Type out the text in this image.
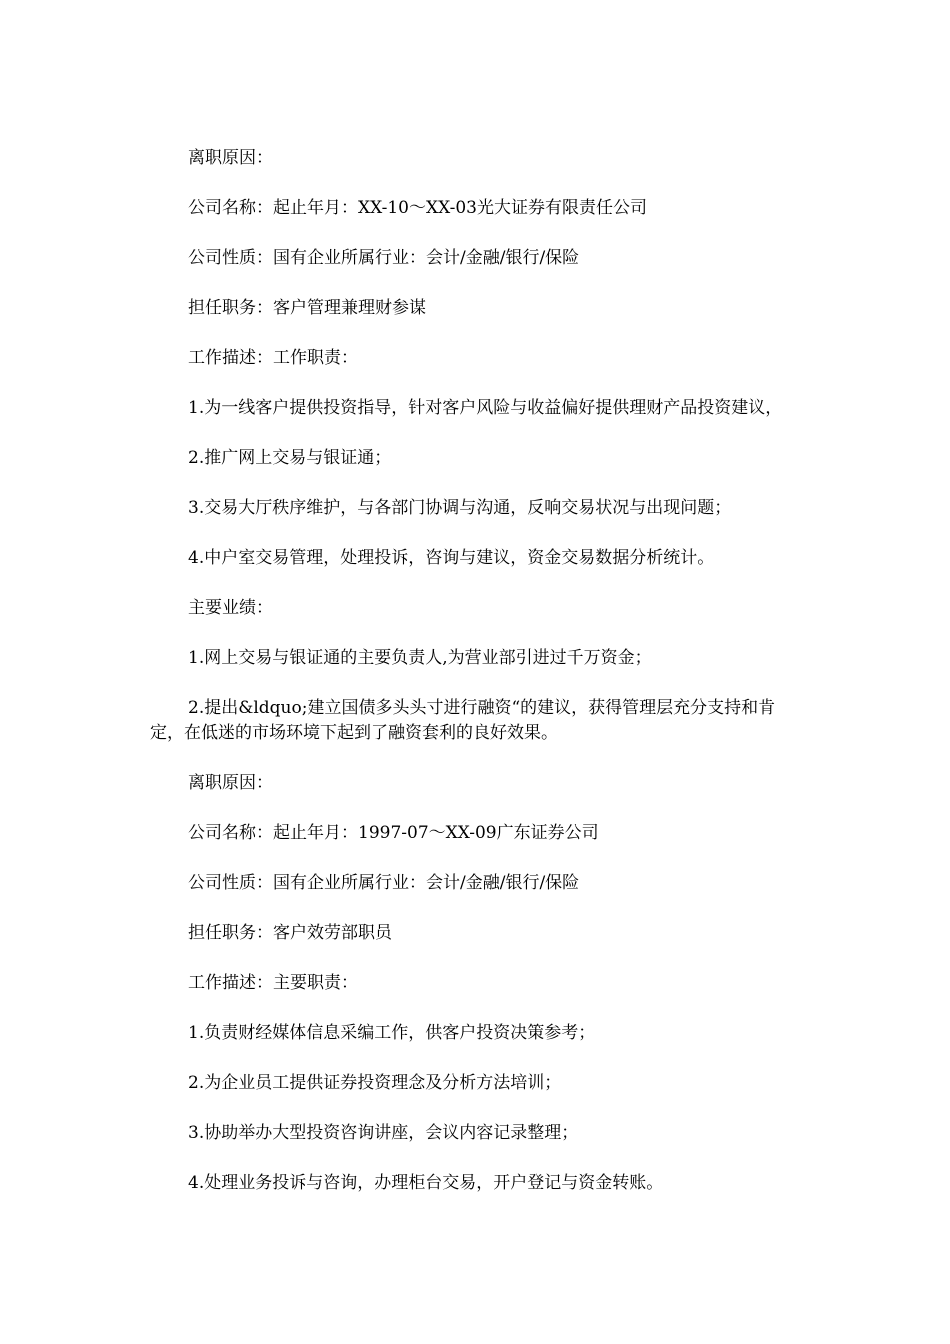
离职原因：

公司名称：起止年月：XX-10～XX-03光大证券有限责任公司

公司性质：国有企业所属行业：会计/金融/银行/保险

担任职务：客户管理兼理财参谋

工作描述：工作职责：

1.为一线客户提供投资指导，针对客户风险与收益偏好提供理财产品投资建议，

2.推广网上交易与银证通；

3.交易大厅秩序维护，与各部门协调与沟通，反响交易状况与出现问题；

4.中户室交易管理，处理投诉，咨询与建议，资金交易数据分析统计。

主要业绩：

1.网上交易与银证通的主要负责人,为营业部引进过千万资金；

2.提出&ldquo;建立国债多头头寸进行融资“的建议，获得管理层充分支持和肯定，在低迷的市场环境下起到了融资套利的良好效果。

离职原因：

公司名称：起止年月：1997-07～XX-09广东证券公司

公司性质：国有企业所属行业：会计/金融/银行/保险

担任职务：客户效劳部职员

工作描述：主要职责：

1.负责财经媒体信息采编工作，供客户投资决策参考；

2.为企业员工提供证券投资理念及分析方法培训；

3.协助举办大型投资咨询讲座，会议内容记录整理；

4.处理业务投诉与咨询，办理柜台交易，开户登记与资金转账。
